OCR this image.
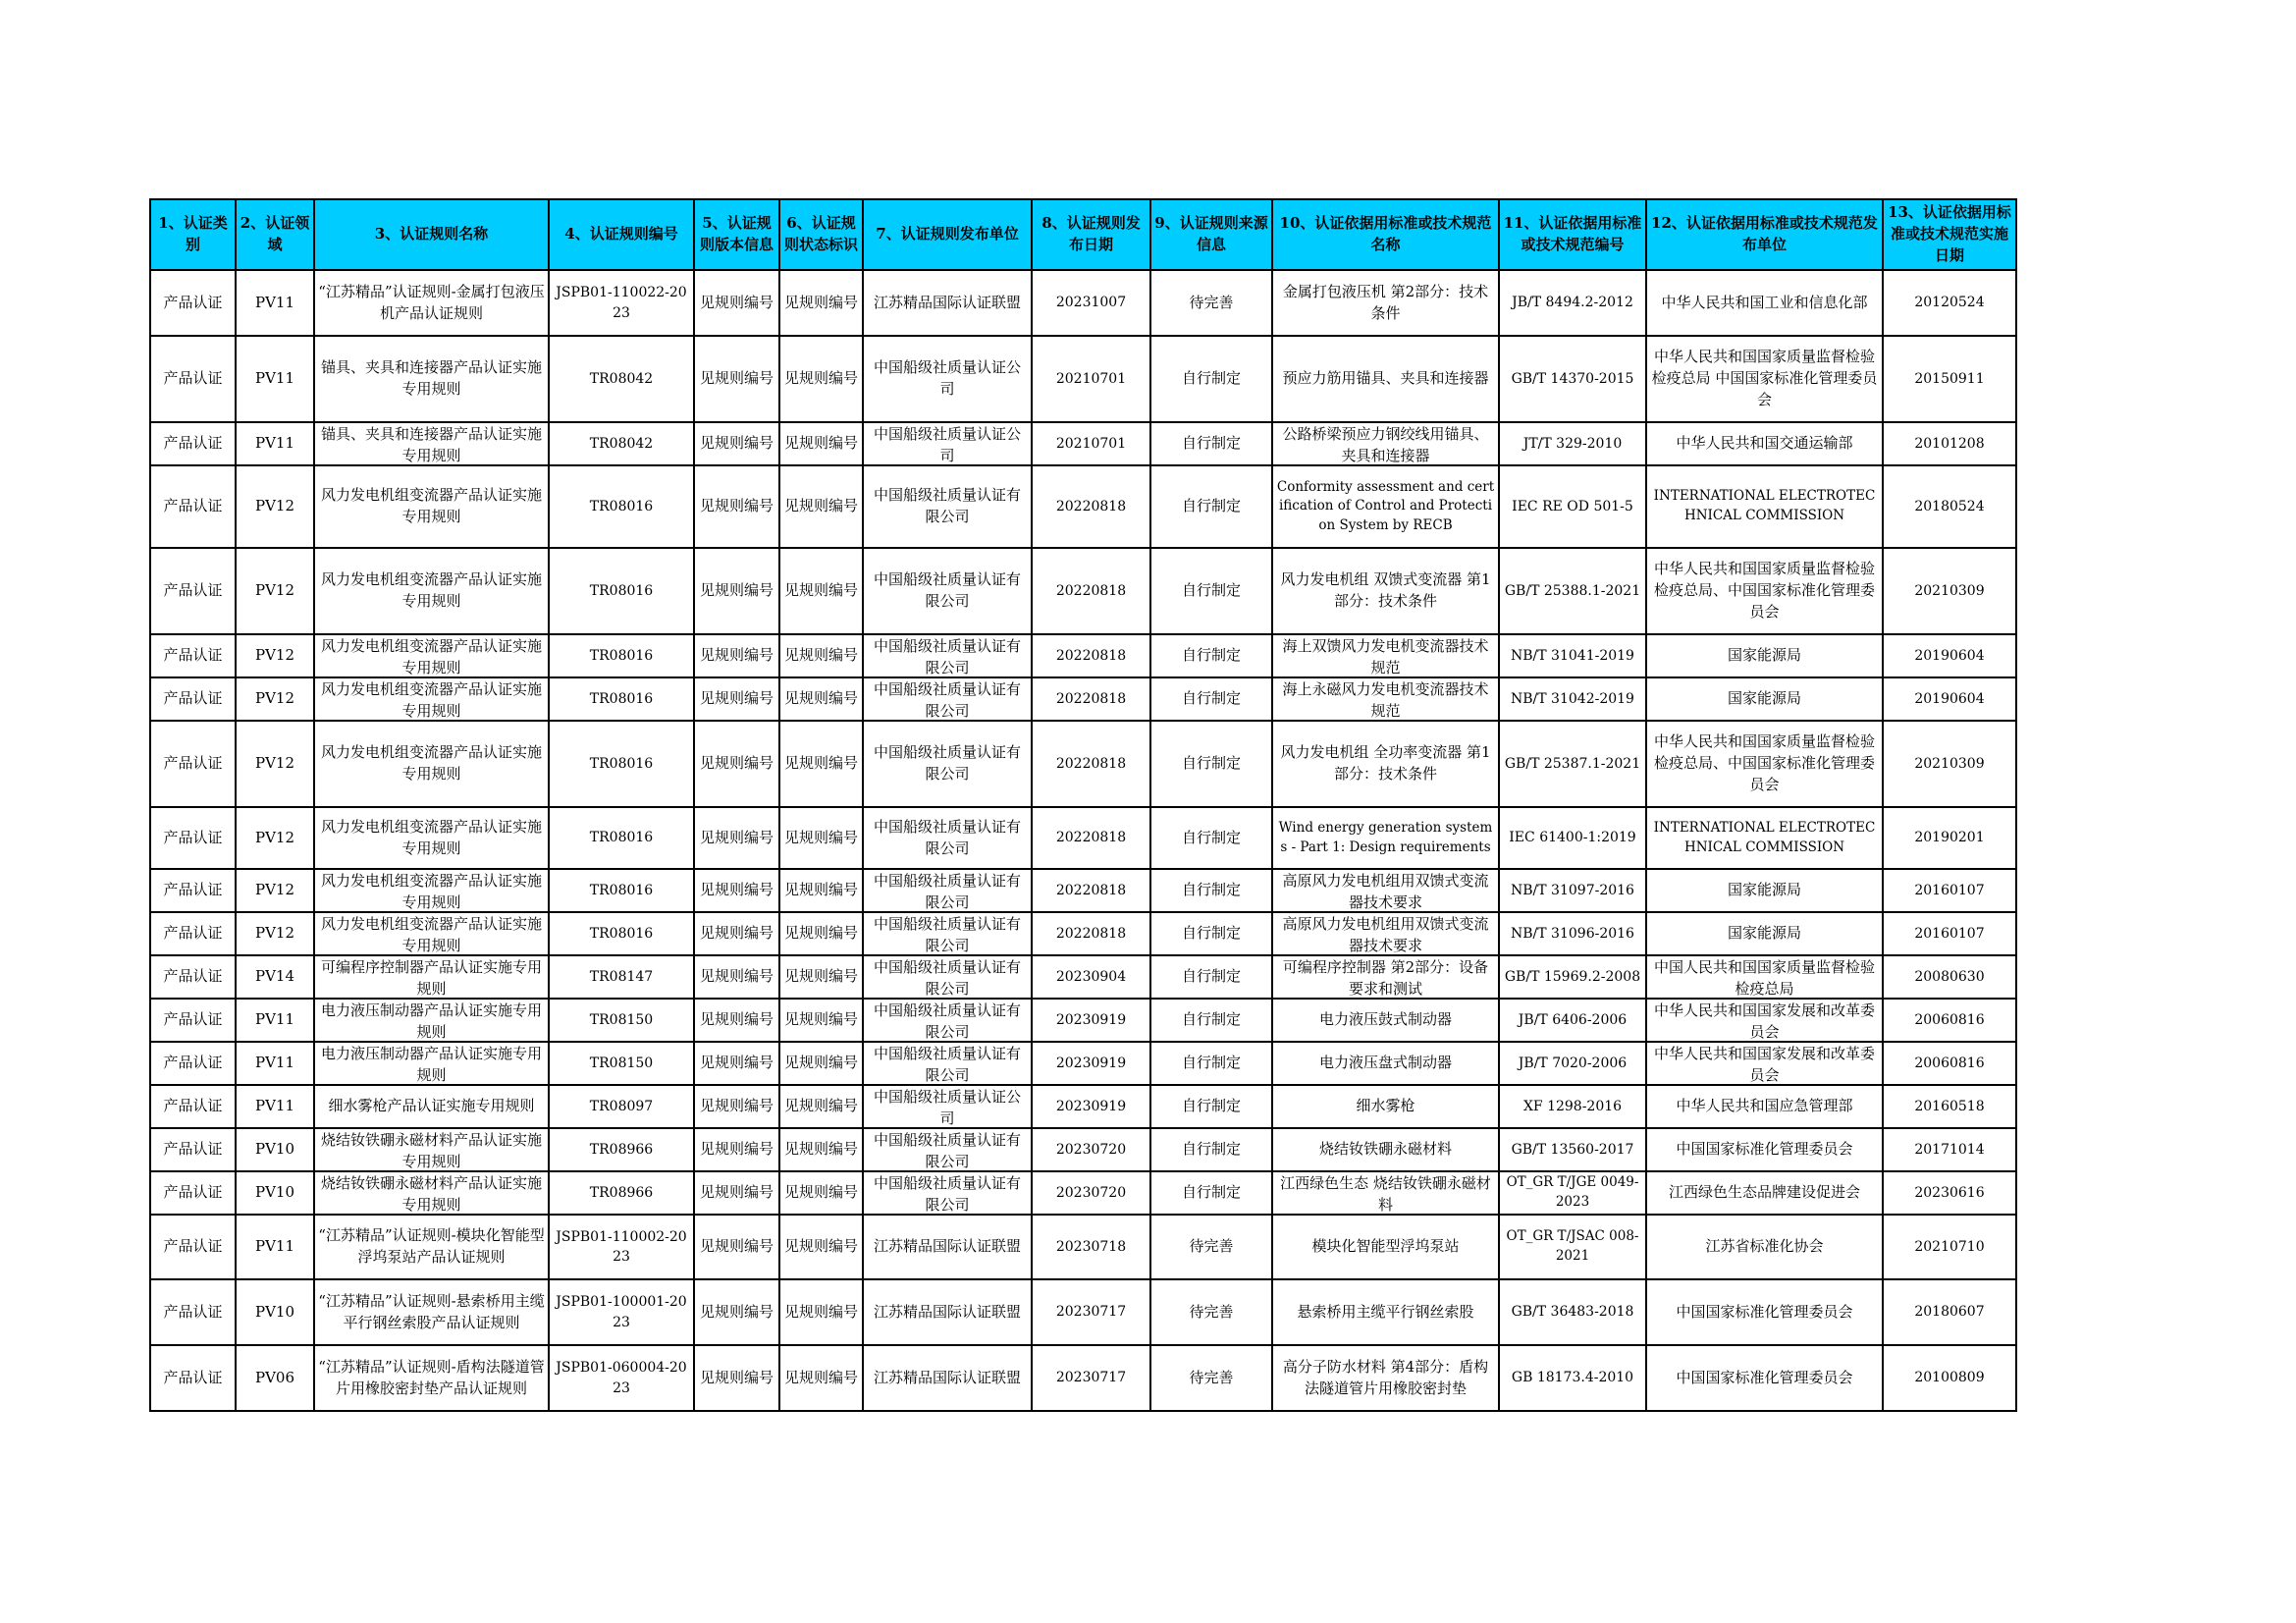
1、认证类别	2、认证领域	3、认证规则名称	4、认证规则编号	5、认证规则版本信息	6、认证规则状态标识	7、认证规则发布单位	8、认证规则发布日期	9、认证规则来源信息	10、认证依据用标准或技术规范名称	11、认证依据用标准或技术规范编号	12、认证依据用标准或技术规范发布单位	13、认证依据用标准或技术规范实施日期

产品认证	PV11	“江苏精品”认证规则-金属打包液压机产品认证规则	JSPB01-110022-2023	见规则编号	见规则编号	江苏精品国际认证联盟	20231007	待完善	金属打包液压机 第2部分：技术条件	JB/T 8494.2-2012	中华人民共和国工业和信息化部	20120524

产品认证	PV11	锚具、夹具和连接器产品认证实施专用规则	TR08042	见规则编号	见规则编号	中国船级社质量认证公司	20210701	自行制定	预应力筋用锚具、夹具和连接器	GB/T 14370-2015	中华人民共和国国家质量监督检验检疫总局 中国国家标准化管理委员会	20150911

产品认证	PV11	锚具、夹具和连接器产品认证实施专用规则	TR08042	见规则编号	见规则编号	中国船级社质量认证公司	20210701	自行制定	公路桥梁预应力钢绞线用锚具、夹具和连接器	JT/T 329-2010	中华人民共和国交通运输部	20101208

产品认证	PV12	风力发电机组变流器产品认证实施专用规则	TR08016	见规则编号	见规则编号	中国船级社质量认证有限公司	20220818	自行制定	Conformity assessment and certification of Control and Protection System by RECB	IEC RE OD 501-5	INTERNATIONAL ELECTROTECHNICAL COMMISSION	20180524

产品认证	PV12	风力发电机组变流器产品认证实施专用规则	TR08016	见规则编号	见规则编号	中国船级社质量认证有限公司	20220818	自行制定	风力发电机组 双馈式变流器 第1部分：技术条件	GB/T 25388.1-2021	中华人民共和国国家质量监督检验检疫总局、中国国家标准化管理委员会	20210309

产品认证	PV12	风力发电机组变流器产品认证实施专用规则	TR08016	见规则编号	见规则编号	中国船级社质量认证有限公司	20220818	自行制定	海上双馈风力发电机变流器技术规范	NB/T 31041-2019	国家能源局	20190604

产品认证	PV12	风力发电机组变流器产品认证实施专用规则	TR08016	见规则编号	见规则编号	中国船级社质量认证有限公司	20220818	自行制定	海上永磁风力发电机变流器技术规范	NB/T 31042-2019	国家能源局	20190604

产品认证	PV12	风力发电机组变流器产品认证实施专用规则	TR08016	见规则编号	见规则编号	中国船级社质量认证有限公司	20220818	自行制定	风力发电机组 全功率变流器 第1部分：技术条件	GB/T 25387.1-2021	中华人民共和国国家质量监督检验检疫总局、中国国家标准化管理委员会	20210309

产品认证	PV12	风力发电机组变流器产品认证实施专用规则	TR08016	见规则编号	见规则编号	中国船级社质量认证有限公司	20220818	自行制定	Wind energy generation systems - Part 1: Design requirements	IEC 61400-1:2019	INTERNATIONAL ELECTROTECHNICAL COMMISSION	20190201

产品认证	PV12	风力发电机组变流器产品认证实施专用规则	TR08016	见规则编号	见规则编号	中国船级社质量认证有限公司	20220818	自行制定	高原风力发电机组用双馈式变流器技术要求	NB/T 31097-2016	国家能源局	20160107

产品认证	PV12	风力发电机组变流器产品认证实施专用规则	TR08016	见规则编号	见规则编号	中国船级社质量认证有限公司	20220818	自行制定	高原风力发电机组用双馈式变流器技术要求	NB/T 31096-2016	国家能源局	20160107

产品认证	PV14	可编程序控制器产品认证实施专用规则	TR08147	见规则编号	见规则编号	中国船级社质量认证有限公司	20230904	自行制定	可编程序控制器 第2部分：设备要求和测试	GB/T 15969.2-2008	中国人民共和国国家质量监督检验检疫总局	20080630

产品认证	PV11	电力液压制动器产品认证实施专用规则	TR08150	见规则编号	见规则编号	中国船级社质量认证有限公司	20230919	自行制定	电力液压鼓式制动器	JB/T 6406-2006	中华人民共和国国家发展和改革委员会	20060816

产品认证	PV11	电力液压制动器产品认证实施专用规则	TR08150	见规则编号	见规则编号	中国船级社质量认证有限公司	20230919	自行制定	电力液压盘式制动器	JB/T 7020-2006	中华人民共和国国家发展和改革委员会	20060816

产品认证	PV11	细水雾枪产品认证实施专用规则	TR08097	见规则编号	见规则编号	中国船级社质量认证公司	20230919	自行制定	细水雾枪	XF 1298-2016	中华人民共和国应急管理部	20160518

产品认证	PV10	烧结钕铁硼永磁材料产品认证实施专用规则	TR08966	见规则编号	见规则编号	中国船级社质量认证有限公司	20230720	自行制定	烧结钕铁硼永磁材料	GB/T 13560-2017	中国国家标准化管理委员会	20171014

产品认证	PV10	烧结钕铁硼永磁材料产品认证实施专用规则	TR08966	见规则编号	见规则编号	中国船级社质量认证有限公司	20230720	自行制定	江西绿色生态 烧结钕铁硼永磁材料	OT_GR T/JGE 0049-2023	江西绿色生态品牌建设促进会	20230616

产品认证	PV11	“江苏精品”认证规则-模块化智能型浮坞泵站产品认证规则	JSPB01-110002-2023	见规则编号	见规则编号	江苏精品国际认证联盟	20230718	待完善	模块化智能型浮坞泵站	OT_GR T/JSAC 008-2021	江苏省标准化协会	20210710

产品认证	PV10	“江苏精品”认证规则-悬索桥用主缆平行钢丝索股产品认证规则	JSPB01-100001-2023	见规则编号	见规则编号	江苏精品国际认证联盟	20230717	待完善	悬索桥用主缆平行钢丝索股	GB/T 36483-2018	中国国家标准化管理委员会	20180607

产品认证	PV06	“江苏精品”认证规则-盾构法隧道管片用橡胶密封垫产品认证规则	JSPB01-060004-2023	见规则编号	见规则编号	江苏精品国际认证联盟	20230717	待完善	高分子防水材料 第4部分：盾构法隧道管片用橡胶密封垫	GB 18173.4-2010	中国国家标准化管理委员会	20100809
